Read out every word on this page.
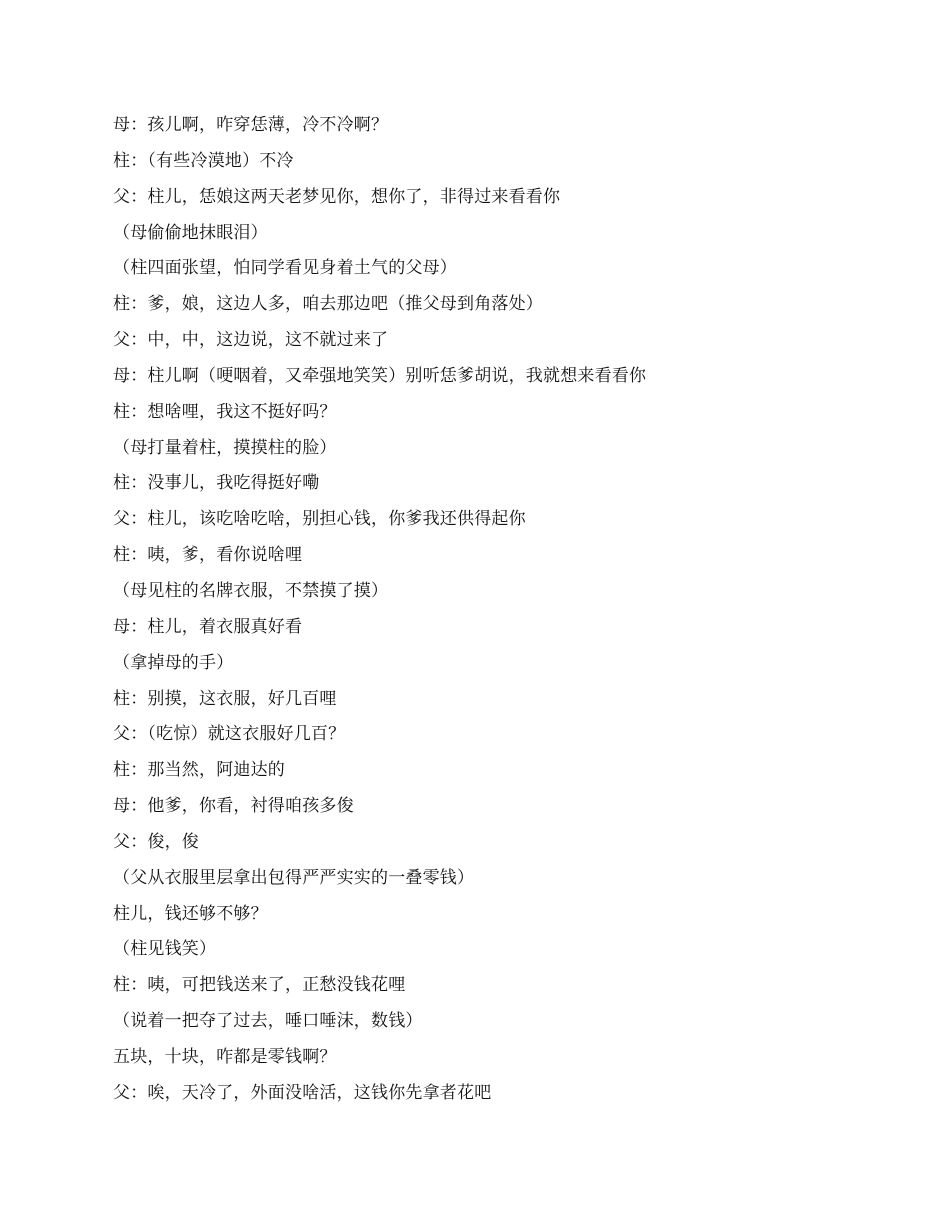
母：孩儿啊，咋穿恁薄，冷不冷啊？
柱：（有些冷漠地）不冷
父：柱儿，恁娘这两天老梦见你，想你了，非得过来看看你
（母偷偷地抹眼泪）
（柱四面张望，怕同学看见身着土气的父母）
柱：爹，娘，这边人多，咱去那边吧（推父母到角落处）
父：中，中，这边说，这不就过来了
母：柱儿啊（哽咽着，又牵强地笑笑）别听恁爹胡说，我就想来看看你
柱：想啥哩，我这不挺好吗？
（母打量着柱，摸摸柱的脸）
柱：没事儿，我吃得挺好嘞
父：柱儿，该吃啥吃啥，别担心钱，你爹我还供得起你
柱：咦，爹，看你说啥哩
（母见柱的名牌衣服，不禁摸了摸）
母：柱儿，着衣服真好看
（拿掉母的手）
柱：别摸，这衣服，好几百哩
父：（吃惊）就这衣服好几百？
柱：那当然，阿迪达的
母：他爹，你看，衬得咱孩多俊
父：俊，俊
（父从衣服里层拿出包得严严实实的一叠零钱）
柱儿，钱还够不够？
（柱见钱笑）
柱：咦，可把钱送来了，正愁没钱花哩
（说着一把夺了过去，唾口唾沫，数钱）
五块，十块，咋都是零钱啊？
父：唉，天冷了，外面没啥活，这钱你先拿者花吧
